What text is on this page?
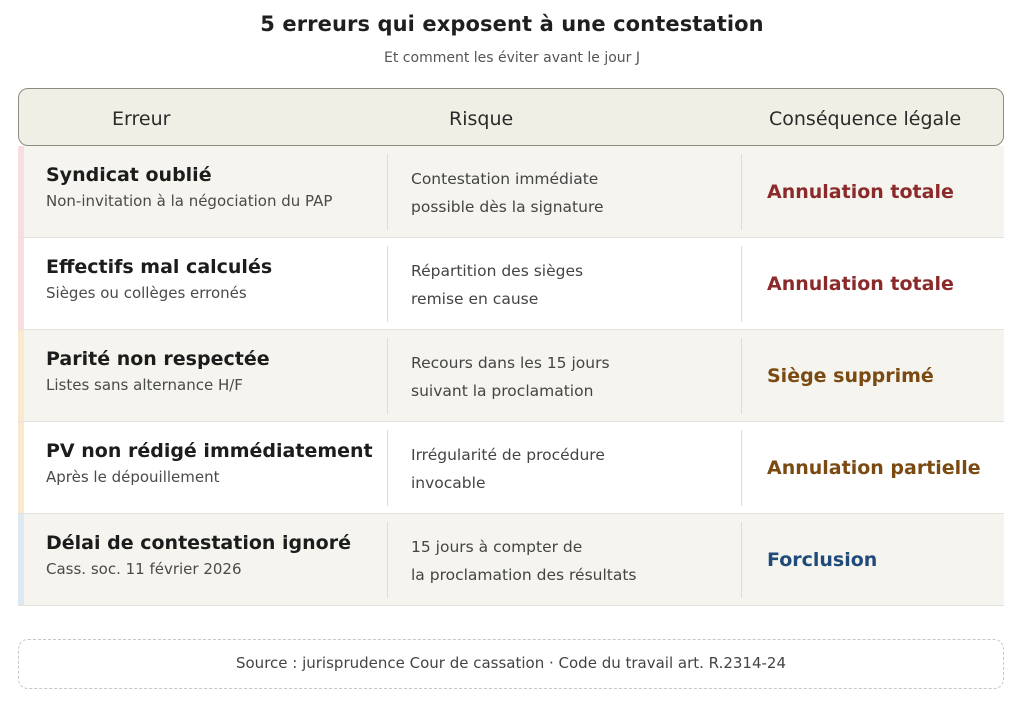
5 erreurs qui exposent à une contestation
Et comment les éviter avant le jour J
Erreur	Risque	Conséquence légale
Syndicat oublié
Non-invitation à la négociation du PAP
Contestation immédiate
possible dès la signature
Annulation totale
Effectifs mal calculés
Sièges ou collèges erronés
Répartition des sièges
remise en cause
Annulation totale
Parité non respectée
Listes sans alternance H/F
Recours dans les 15 jours
suivant la proclamation
Siège supprimé
PV non rédigé immédiatement
Après le dépouillement
Irrégularité de procédure
invocable
Annulation partielle
Délai de contestation ignoré
Cass. soc. 11 février 2026
15 jours à compter de
la proclamation des résultats
Forclusion
Source : jurisprudence Cour de cassation · Code du travail art. R.2314-24
